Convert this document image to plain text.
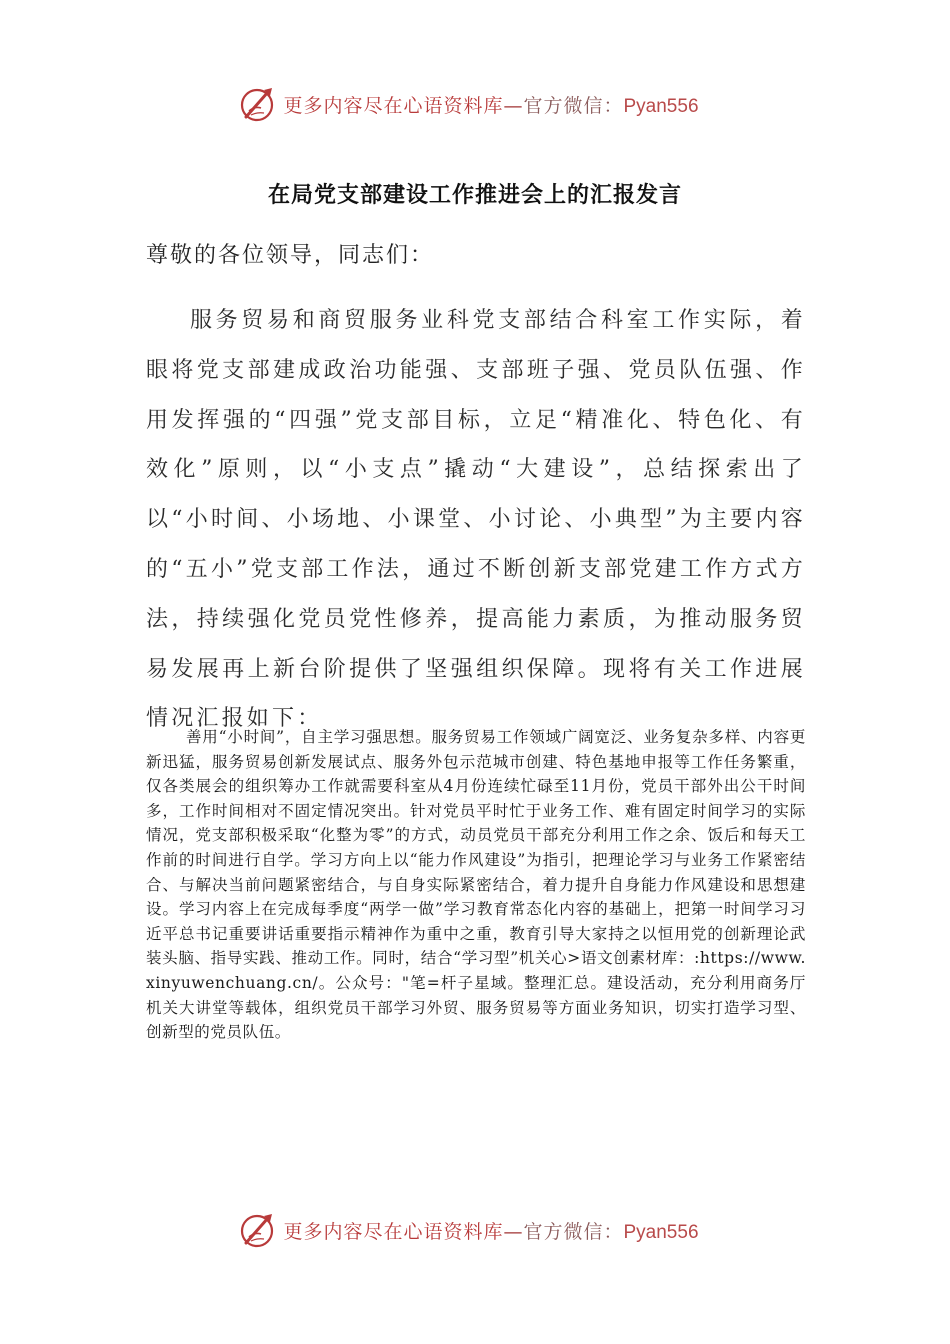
更多内容尽在心语资料库—官方微信：Pyan556
在局党支部建设工作推进会上的汇报发言

尊敬的各位领导，同志们：

服务贸易和商贸服务业科党支部结合科室工作实际，着眼将党支部建成政治功能强、支部班子强、党员队伍强、作用发挥强的“四强”党支部目标，立足“精准化、特色化、有效化”原则，以“小支点”撬动“大建设”，总结探索出了以“小时间、小场地、小课堂、小讨论、小典型”为主要内容的“五小”党支部工作法，通过不断创新支部党建工作方式方法，持续强化党员党性修养，提高能力素质，为推动服务贸易发展再上新台阶提供了坚强组织保障。现将有关工作进展情况汇报如下：

善用“小时间”，自主学习强思想。服务贸易工作领域广阔宽泛、业务复杂多样、内容更新迅猛，服务贸易创新发展试点、服务外包示范城市创建、特色基地申报等工作任务繁重，仅各类展会的组织筹办工作就需要科室从4月份连续忙碌至11月份，党员干部外出公干时间多，工作时间相对不固定情况突出。针对党员平时忙于业务工作、难有固定时间学习的实际情况，党支部积极采取“化整为零”的方式，动员党员干部充分利用工作之余、饭后和每天工作前的时间进行自学。学习方向上以“能力作风建设”为指引，把理论学习与业务工作紧密结合、与解决当前问题紧密结合，与自身实际紧密结合，着力提升自身能力作风建设和思想建设。学习内容上在完成每季度“两学一做”学习教育常态化内容的基础上，把第一时间学习习近平总书记重要讲话重要指示精神作为重中之重，教育引导大家持之以恒用党的创新理论武装头脑、指导实践、推动工作。同时，结合“学习型”机关心>语文创素材库：:https://www.xinyuwenchuang.cn/。公众号："笔=杆子星域。整理汇总。建设活动，充分利用商务厅机关大讲堂等载体，组织党员干部学习外贸、服务贸易等方面业务知识，切实打造学习型、创新型的党员队伍。

更多内容尽在心语资料库—官方微信：Pyan556
